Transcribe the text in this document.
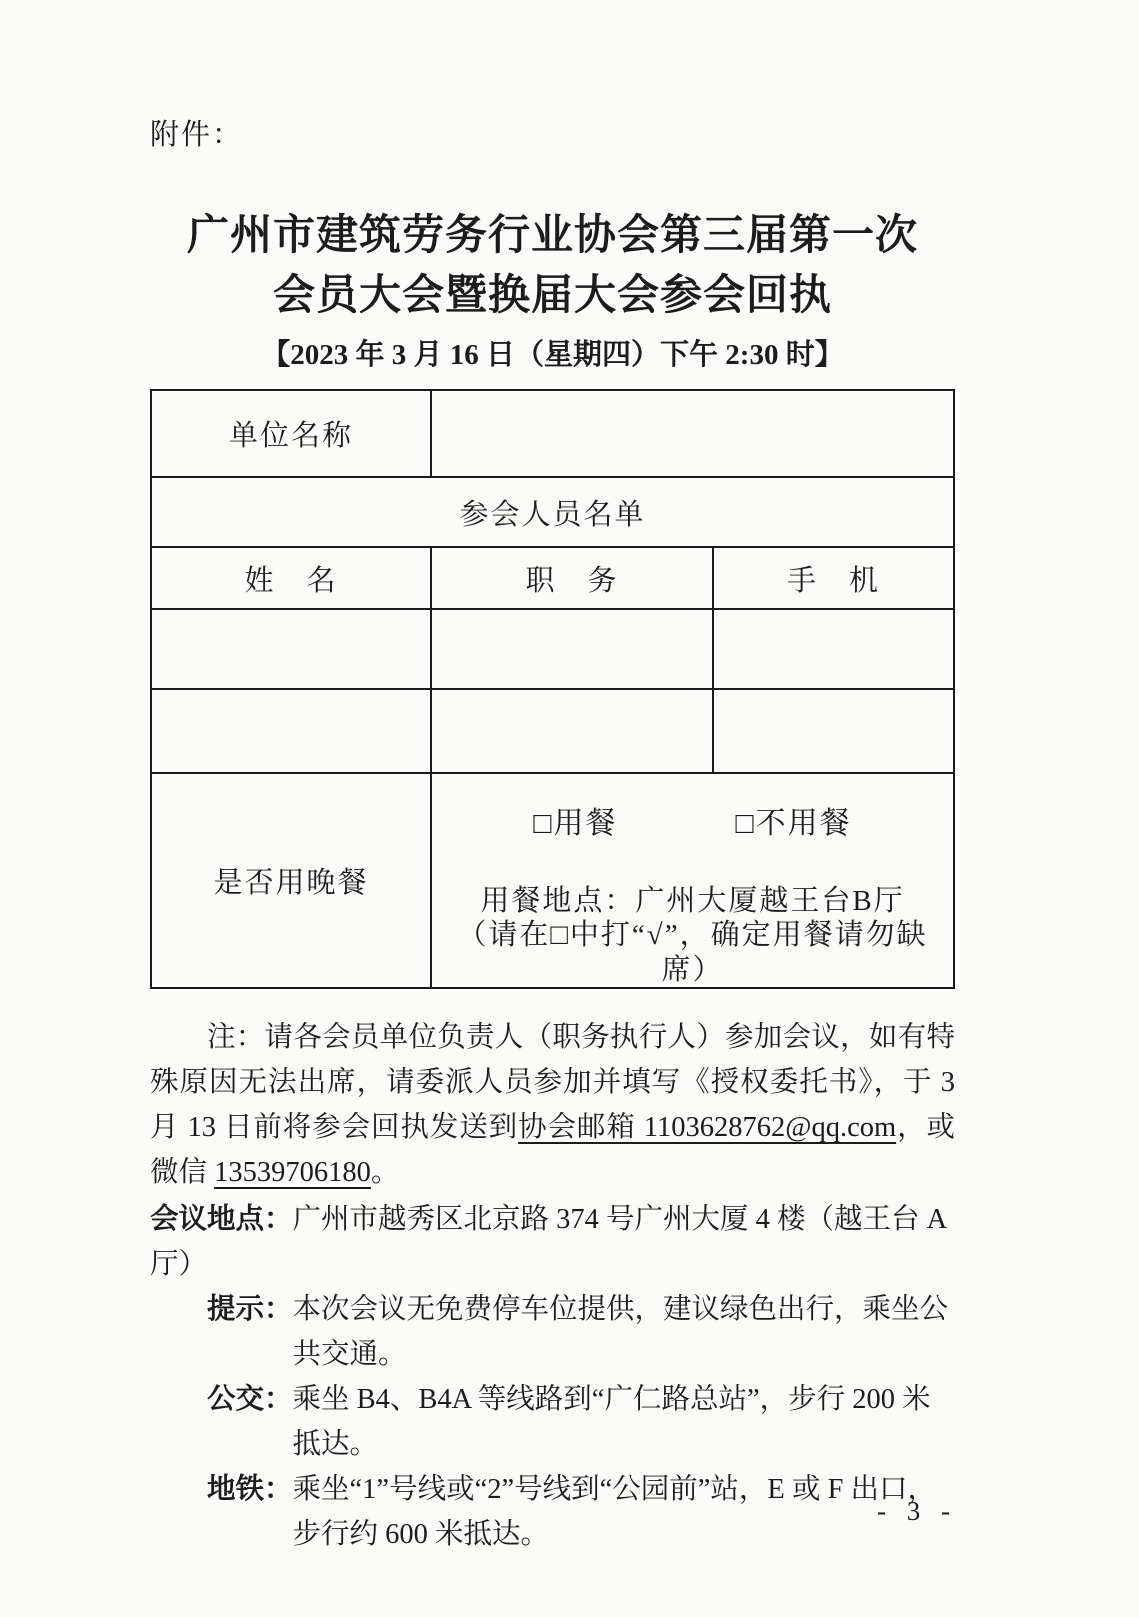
附件：
广州市建筑劳务行业协会第三届第一次
会员大会暨换届大会参会回执
【2023 年 3 月 16 日（星期四）下午 2:30 时】
单位名称		
参会人员名单		
姓　名	职　务	手　机

是否用晚餐	□用餐 □不用餐
用餐地点：广州大厦越王台B厅
（请在□中打“√”，确定用餐请勿缺席）	

注：请各会员单位负责人（职务执行人）参加会议，如有特殊原因无法出席，请委派人员参加并填写《授权委托书》，于 3 月 13 日前将参会回执发送到协会邮箱 1103628762@qq.com，或微信 13539706180。

会议地点：广州市越秀区北京路 374 号广州大厦 4 楼（越王台 A 厅）

提示： 本次会议无免费停车位提供，建议绿色出行，乘坐公共交通。
公交： 乘坐 B4、B4A 等线路到“广仁路总站”，步行 200 米抵达。
地铁： 乘坐“1”号线或“2”号线到“公园前”站，E 或 F 出口，步行约 600 米抵达。
- 3 -
